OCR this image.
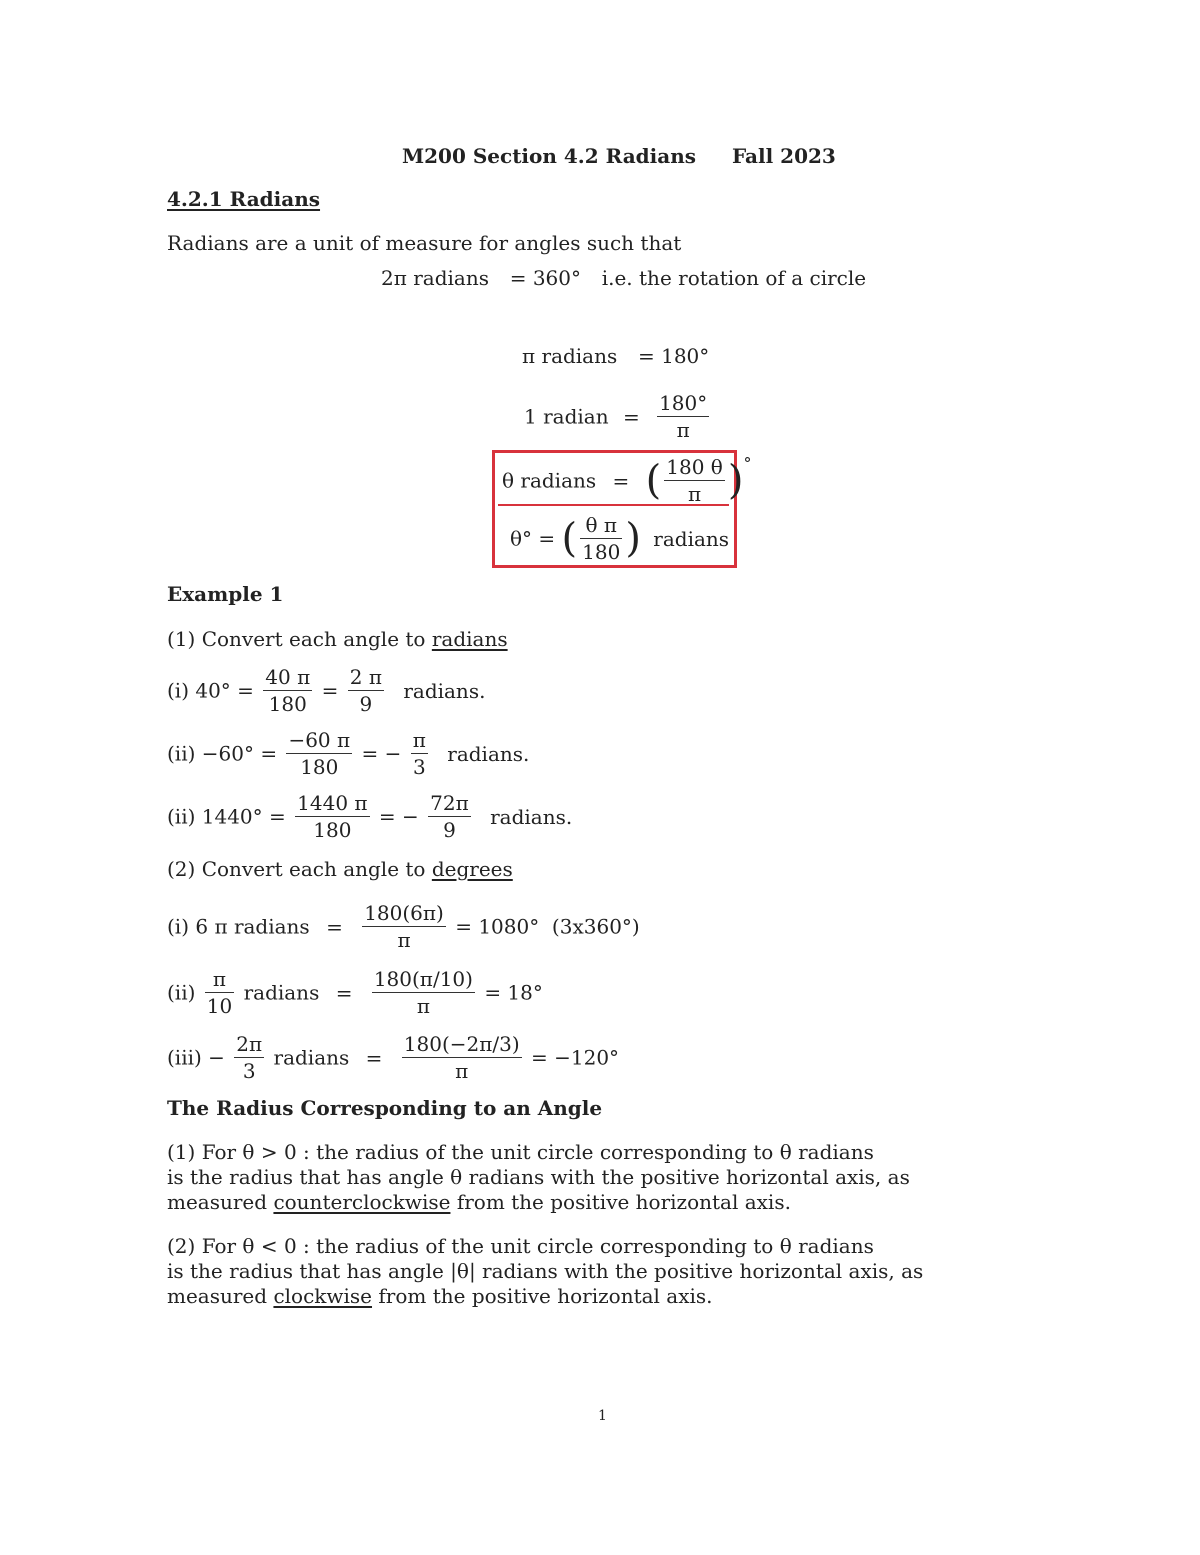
M200 Section 4.2 Radians Fall 2023
4.2.1 Radians
Radians are a unit of measure for angles such that
2π radians = 360° i.e. the rotation of a circle
π radians = 180°
1 radian = $\frac{180^\circ}{\pi}$
θ radians = ( $\frac{180 \theta}{\pi} )^\circ$
θ° = ( $\frac{\text{θ π}}{180}$ ) radians
Example 1
(1) Convert each angle to radians
(i) $40^\circ = \frac{40 \pi}{180} = \frac{2 \pi}{9}$ radians.
$(ii) -60^\circ = \frac{-60 \pi}{180}$ = − $\frac{\pi}{3}$ radians.
(ii) $1440^\circ = \frac{1440 \pi}{180}$ = − $\frac{72\pi}{9}$ radians.
(2) Convert each angle to degrees
(i) 6 π radians = $\frac{180(6\pi)}{\pi} = 1080^\circ$  (3x360°)
$(ii) \frac{\pi}{10}$ radians = $\frac{180(\pi/10)}{\pi} = 18^\circ$
$(iii) - \frac{2\pi}{3}$ radians = $\frac{180(-2\pi/3)}{\pi} = -120^\circ$
The Radius Corresponding to an Angle
(1) For θ > 0 : the radius of the unit circle corresponding to θ radians
is the radius that has angle θ radians with the positive horizontal axis, as
measured counterclockwise from the positive horizontal axis.
(2) For θ < 0 : the radius of the unit circle corresponding to θ radians
is the radius that has angle |θ| radians with the positive horizontal axis, as
measured clockwise from the positive horizontal axis.
1
